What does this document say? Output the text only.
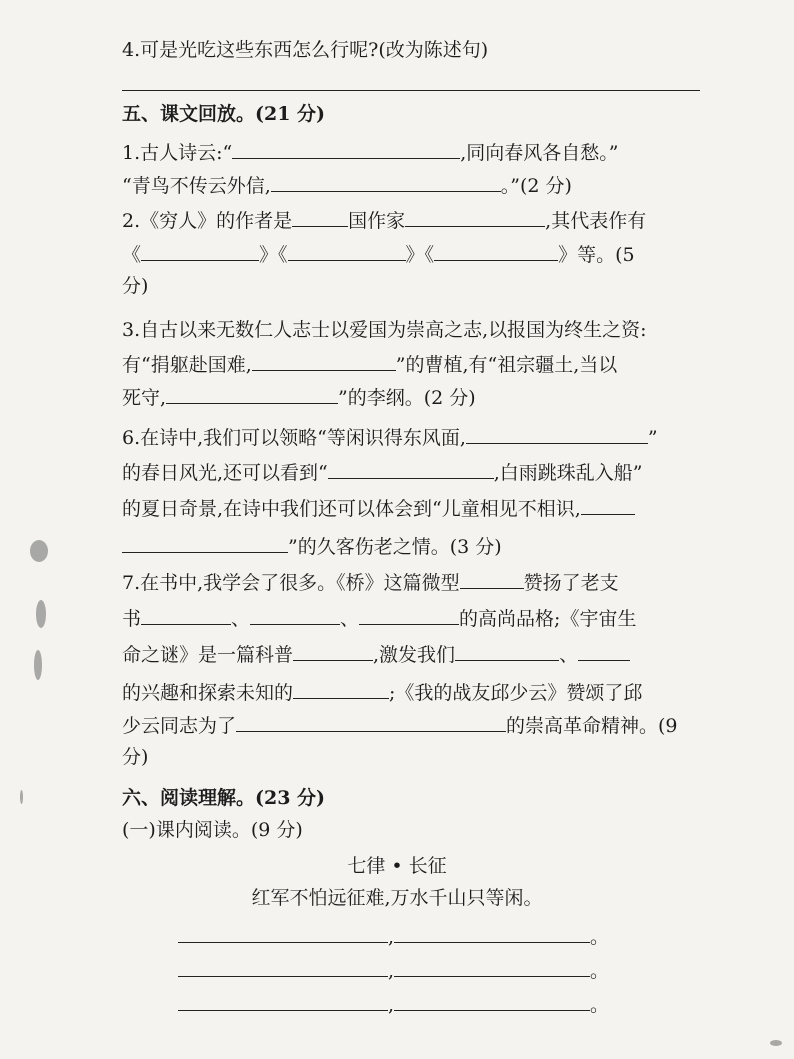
4.可是光吃这些东西怎么行呢?(改为陈述句)
五、课文回放。(21 分)
1.古人诗云:“	,同向春风各自愁。”
“青鸟不传云外信,	。”(2 分)
2.《穷人》的作者是	国作家	,其代表作有
《	》《	》《	》等。(5
分)
3.自古以来无数仁人志士以爱国为崇高之志,以报国为终生之资:
有“捐躯赴国难,	”的曹植,有“祖宗疆土,当以
死守,	”的李纲。(2 分)
6.在诗中,我们可以领略“等闲识得东风面,	”
的春日风光,还可以看到“	,白雨跳珠乱入船”
的夏日奇景,在诗中我们还可以体会到“儿童相见不相识,
”的久客伤老之情。(3 分)
7.在书中,我学会了很多。《桥》这篇微型	赞扬了老支
书	、	、	的高尚品格;《宇宙生
命之谜》是一篇科普	,激发我们	、
的兴趣和探索未知的	;《我的战友邱少云》赞颂了邱
少云同志为了	的崇高革命精神。(9
分)
六、阅读理解。(23 分)
(一)课内阅读。(9 分)
七律 • 长征
红军不怕远征难,万水千山只等闲。
,	。
,	。
,	。
